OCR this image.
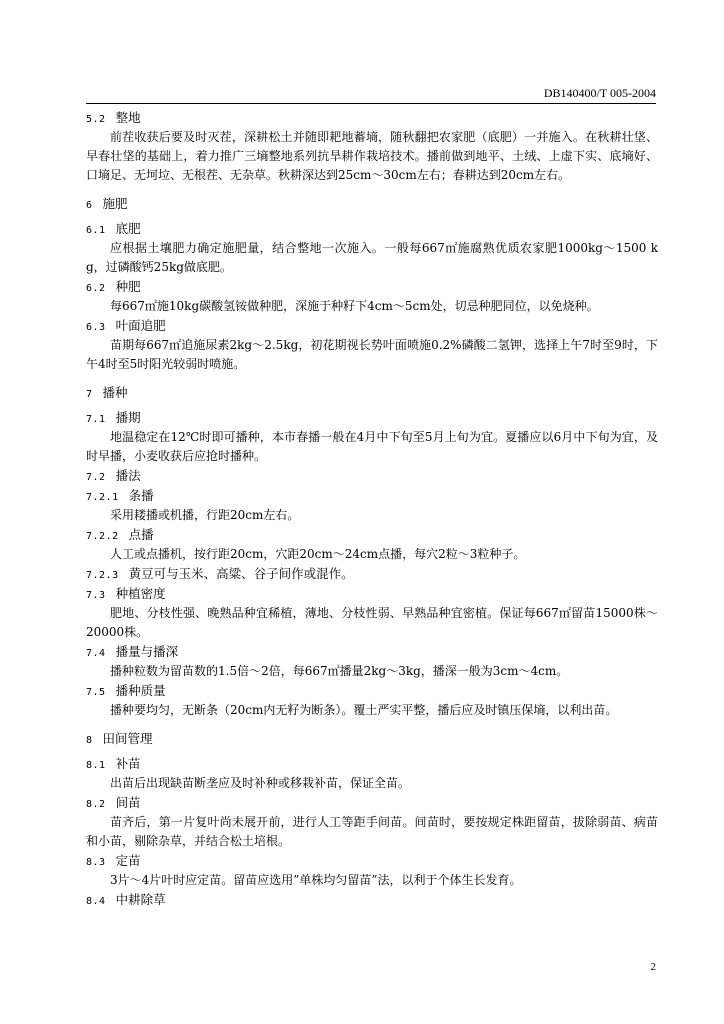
DB140400/T 005-2004
5.2 整地
前茬收获后要及时灭茬，深耕松土并随即耙地蓄墒，随秋翻把农家肥（底肥）一并施入。在秋耕壮垡、早春壮垡的基础上，着力推广三墒整地系列抗旱耕作栽培技术。播前做到地平、土绒、上虚下实、底墒好、口墒足、无坷垃、无根茬、无杂草。秋耕深达到25cm～30cm左右；春耕达到20cm左右。
6 施肥
6.1 底肥
应根据土壤肥力确定施肥量，结合整地一次施入。一般每667㎡施腐熟优质农家肥1000kg～1500 kg，过磷酸钙25kg做底肥。
6.2 种肥
每667㎡施10kg碳酸氢铵做种肥，深施于种籽下4cm～5cm处，切忌种肥同位，以免烧种。
6.3 叶面追肥
苗期每667㎡追施尿素2kg～2.5kg，初花期视长势叶面喷施0.2%磷酸二氢钾，选择上午7时至9时，下午4时至5时阳光较弱时喷施。
7 播种
7.1 播期
地温稳定在12℃时即可播种，本市春播一般在4月中下旬至5月上旬为宜。夏播应以6月中下旬为宜，及时早播，小麦收获后应抢时播种。
7.2 播法
7.2.1 条播
采用耧播或机播，行距20cm左右。
7.2.2 点播
人工或点播机，按行距20cm，穴距20cm～24cm点播，每穴2粒～3粒种子。
7.2.3 黄豆可与玉米、高粱、谷子间作或混作。
7.3 种植密度
肥地、分枝性强、晚熟品种宜稀植，薄地、分枝性弱、早熟品种宜密植。保证每667㎡留苗15000株～20000株。
7.4 播量与播深
播种粒数为留苗数的1.5倍～2倍，每667㎡播量2kg～3kg，播深一般为3cm～4cm。
7.5 播种质量
播种要均匀，无断条（20cm内无籽为断条）。覆土严实平整，播后应及时镇压保墒，以利出苗。
8 田间管理
8.1 补苗
出苗后出现缺苗断垄应及时补种或移栽补苗，保证全苗。
8.2 间苗
苗齐后，第一片复叶尚未展开前，进行人工等距手间苗。间苗时，要按规定株距留苗，拔除弱苗、病苗和小苗，剔除杂草，并结合松土培根。
8.3 定苗
3片～4片叶时应定苗。留苗应选用”单株均匀留苗”法，以利于个体生长发育。
8.4 中耕除草
2
